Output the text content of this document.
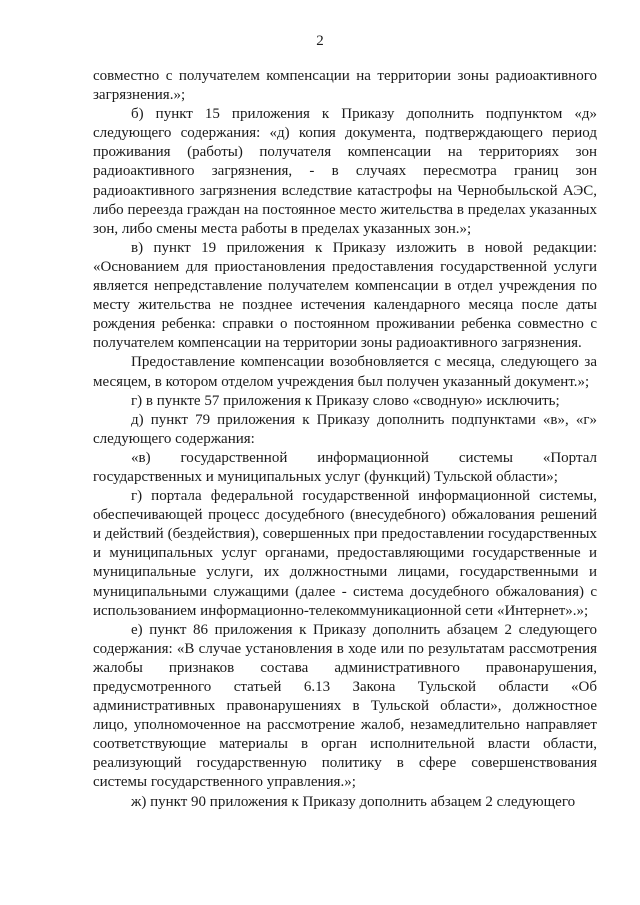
2

совместно с получателем компенсации на территории зоны радиоактивного загрязнения.»;

б) пункт 15 приложения к Приказу дополнить подпунктом «д» следующего содержания: «д) копия документа, подтверждающего период проживания (работы) получателя компенсации на территориях зон радиоактивного загрязнения, - в случаях пересмотра границ зон радиоактивного загрязнения вследствие катастрофы на Чернобыльской АЭС, либо переезда граждан на постоянное место жительства в пределах указанных зон, либо смены места работы в пределах указанных зон.»;

в) пункт 19 приложения к Приказу изложить в новой редакции: «Основанием для приостановления предоставления государственной услуги является непредставление получателем компенсации в отдел учреждения по месту жительства не позднее истечения календарного месяца после даты рождения ребенка: справки о постоянном проживании ребенка совместно с получателем компенсации на территории зоны радиоактивного загрязнения.

Предоставление компенсации возобновляется с месяца, следующего за месяцем, в котором отделом учреждения был получен указанный документ.»;

г) в пункте 57 приложения к Приказу слово «сводную» исключить;

д) пункт 79 приложения к Приказу дополнить подпунктами «в», «г» следующего содержания:

«в) государственной информационной системы «Портал государственных и муниципальных услуг (функций) Тульской области»;

г) портала федеральной государственной информационной системы, обеспечивающей процесс досудебного (внесудебного) обжалования решений и действий (бездействия), совершенных при предоставлении государственных и муниципальных услуг органами, предоставляющими государственные и муниципальные услуги, их должностными лицами, государственными и муниципальными служащими (далее - система досудебного обжалования) с использованием информационно-телекоммуникационной сети «Интернет».»;

е) пункт 86 приложения к Приказу дополнить абзацем 2 следующего содержания: «В случае установления в ходе или по результатам рассмотрения жалобы признаков состава административного правонарушения, предусмотренного статьей 6.13 Закона Тульской области «Об административных правонарушениях в Тульской области», должностное лицо, уполномоченное на рассмотрение жалоб, незамедлительно направляет соответствующие материалы в орган исполнительной власти области, реализующий государственную политику в сфере совершенствования системы государственного управления.»;

ж) пункт 90 приложения к Приказу дополнить абзацем 2 следующего
